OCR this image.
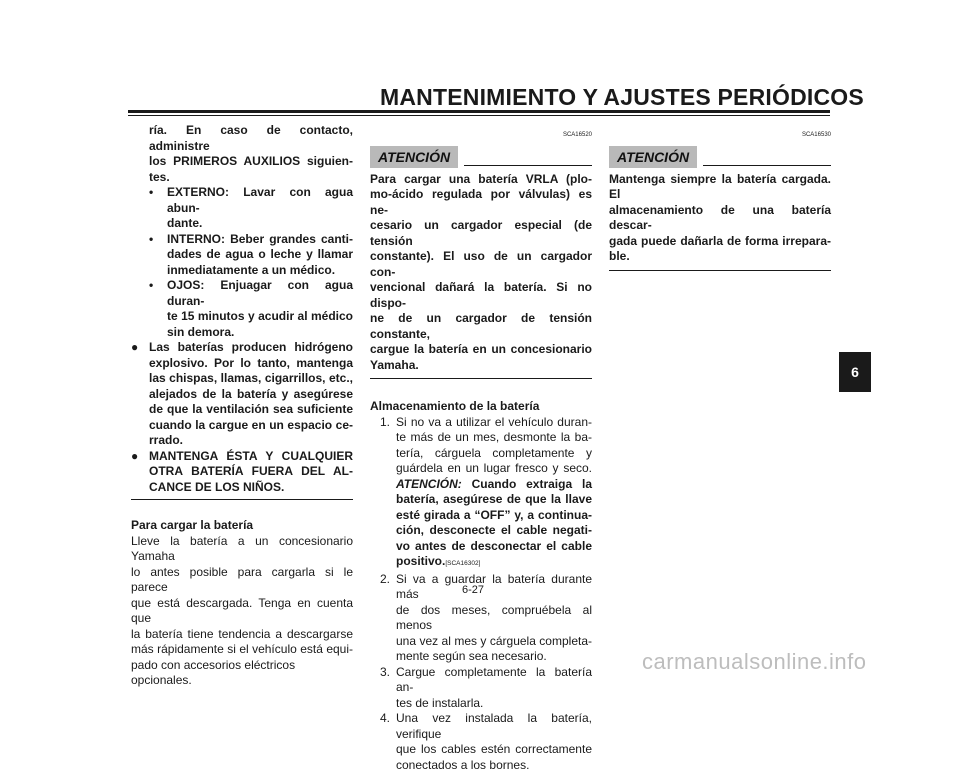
MANTENIMIENTO Y AJUSTES PERIÓDICOS

ría. En caso de contacto, administre

los PRIMEROS AUXILIOS siguien-

tes.

• EXTERNO: Lavar con agua abun-

dante.

• INTERNO: Beber grandes canti-

dades de agua o leche y llamar

inmediatamente a un médico.

• OJOS: Enjuagar con agua duran-

te 15 minutos y acudir al médico

sin demora.

● Las baterías producen hidrógeno

explosivo. Por lo tanto, mantenga

las chispas, llamas, cigarrillos, etc.,

alejados de la batería y asegúrese

de que la ventilación sea suficiente

cuando la cargue en un espacio ce-

rrado.

● MANTENGA ÉSTA Y CUALQUIER

OTRA BATERÍA FUERA DEL AL-

CANCE DE LOS NIÑOS.

Para cargar la batería

Lleve la batería a un concesionario Yamaha

lo antes posible para cargarla si le parece

que está descargada. Tenga en cuenta que

la batería tiene tendencia a descargarse

más rápidamente si el vehículo está equi-

pado con accesorios eléctricos opcionales.

SCA16520

ATENCIÓN

Para cargar una batería VRLA (plo-

mo-ácido regulada por válvulas) es ne-

cesario un cargador especial (de tensión

constante). El uso de un cargador con-

vencional dañará la batería. Si no dispo-

ne de un cargador de tensión constante,

cargue la batería en un concesionario

Yamaha.

Almacenamiento de la batería

1. Si no va a utilizar el vehículo duran-

te más de un mes, desmonte la ba-

tería, cárguela completamente y

guárdela en un lugar fresco y seco.

ATENCIÓN: Cuando extraiga la

batería, asegúrese de que la llave

esté girada a “OFF” y, a continua-

ción, desconecte el cable negati-

vo antes de desconectar el cable

positivo.[SCA16302]

2. Si va a guardar la batería durante más

de dos meses, compruébela al menos

una vez al mes y cárguela completa-

mente según sea necesario.

3. Cargue completamente la batería an-

tes de instalarla.

4. Una vez instalada la batería, verifique

que los cables estén correctamente

conectados a los bornes.

SCA16530

ATENCIÓN

Mantenga siempre la batería cargada. El

almacenamiento de una batería descar-

gada puede dañarla de forma irrepara-

ble.

6
6-27
carmanualsonline.info
